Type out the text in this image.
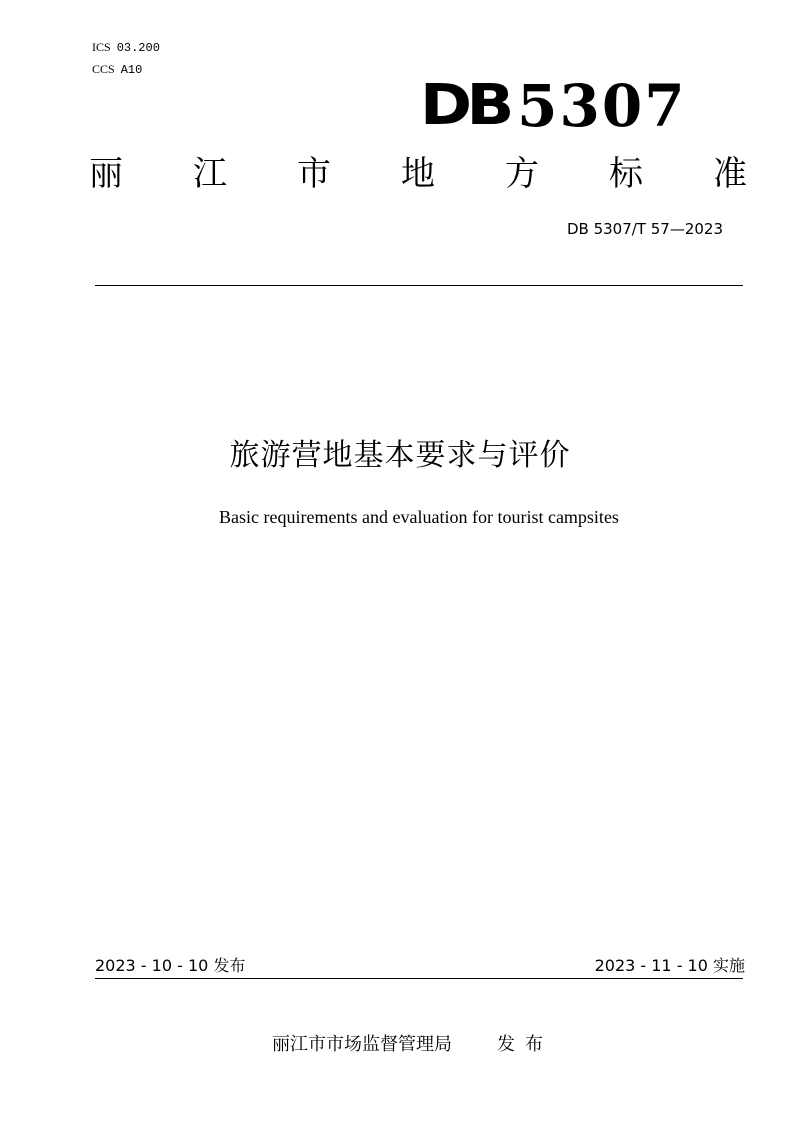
ICS 03.200
CCS A10
DB 5307
丽 江 市 地 方 标 准
DB 5307/T 57—2023
旅游营地基本要求与评价
Basic requirements and evaluation for tourist campsites
2023 - 10 - 10 发布	2023 - 11 - 10 实施
丽江市市场监督管理局	发布
